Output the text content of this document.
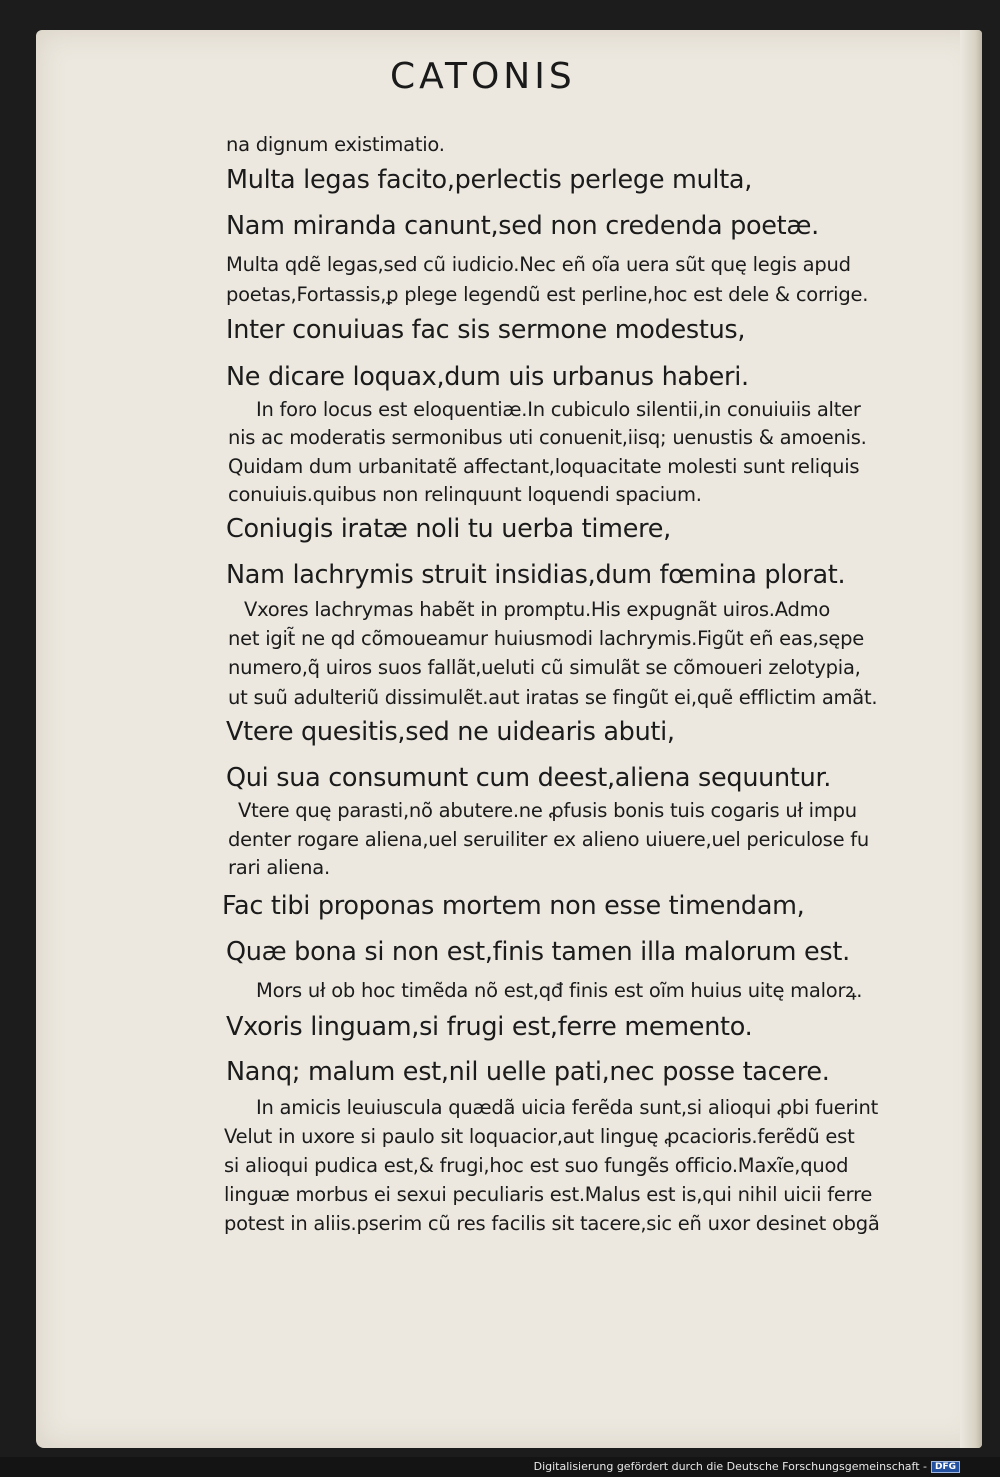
CATONIS
na dignum existimatio.
Multa legas facito,perlectis perlege multa,
Nam miranda canunt,sed non credenda poetæ.
Multa qdẽ legas,sed cũ iudicio.Nec eñ oĩa uera sũt quę legis apud
poetas,Fortassis,ꝑ plege legendũ est perline,hoc est dele & corrige.
Inter conuiuas fac sis sermone modestus,
Ne dicare loquax,dum uis urbanus haberi.
In foro locus est eloquentiæ.In cubiculo silentii,in conuiuiis alter
nis ac moderatis sermonibus uti conuenit,iisq; uenustis & amoenis.
Quidam dum urbanitatẽ affectant,loquacitate molesti sunt reliquis
conuiuis.quibus non relinquunt loquendi spacium.
Coniugis iratæ noli tu uerba timere,
Nam lachrymis struit insidias,dum fœmina plorat.
Vxores lachrymas habẽt in promptu.His expugnãt uiros.Admo
net igit̃ ne qd cõmoueamur huiusmodi lachrymis.Figũt eñ eas,sępe
numero,q̃ uiros suos fallãt,ueluti cũ simulãt se cõmoueri zelotypia,
ut suũ adulteriũ dissimulẽt.aut iratas se fingũt ei,quẽ efflictim amãt.
Vtere quesitis,sed ne uidearis abuti,
Qui sua consumunt cum deest,aliena sequuntur.
Vtere quę parasti,nõ abutere.ne ꝓfusis bonis tuis cogaris uł impu
denter rogare aliena,uel seruiliter ex alieno uiuere,uel periculose fu
rari aliena.
Fac tibi proponas mortem non esse timendam,
Quæ bona si non est,finis tamen illa malorum est.
Mors uł ob hoc timẽda nõ est,qđ finis est oĩm huius uitę malorꝝ.
Vxoris linguam,si frugi est,ferre memento.
Nanq; malum est,nil uelle pati,nec posse tacere.
In amicis leuiuscula quædã uicia ferẽda sunt,si alioqui ꝓbi fuerint
Velut in uxore si paulo sit loquacior,aut linguę ꝓcacioris.ferẽdũ est
si alioqui pudica est,& frugi,hoc est suo fungẽs officio.Maxĩe,quod
linguæ morbus ei sexui peculiaris est.Malus est is,qui nihil uicii ferre
potest in aliis.pserim cũ res facilis sit tacere,sic eñ uxor desinet obgã
Digitalisierung gefördert durch die Deutsche Forschungsgemeinschaft - DFG
